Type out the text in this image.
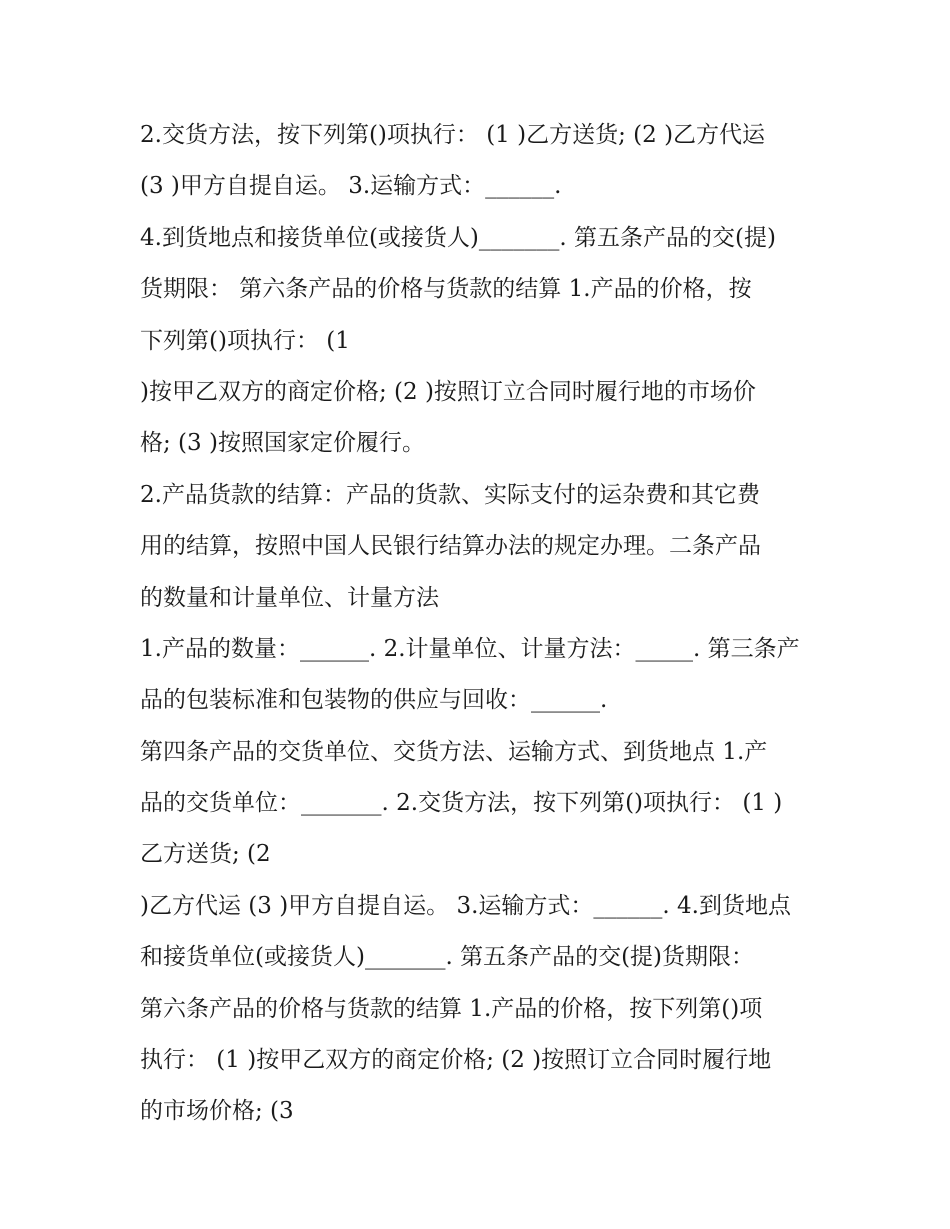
2.交货方法，按下列第()项执行： (1 )乙方送货; (2 )乙方代运
(3 )甲方自提自运。 3.运输方式：______.
4.到货地点和接货单位(或接货人)_______. 第五条产品的交(提)
货期限： 第六条产品的价格与货款的结算 1.产品的价格，按
下列第()项执行： (1
)按甲乙双方的商定价格; (2 )按照订立合同时履行地的市场价
格; (3 )按照国家定价履行。
2.产品货款的结算：产品的货款、实际支付的运杂费和其它费
用的结算，按照中国人民银行结算办法的规定办理。二条产品
的数量和计量单位、计量方法
1.产品的数量：______. 2.计量单位、计量方法：_____. 第三条产
品的包装标准和包装物的供应与回收：______.
第四条产品的交货单位、交货方法、运输方式、到货地点 1.产
品的交货单位：_______. 2.交货方法，按下列第()项执行： (1 )
乙方送货; (2
)乙方代运 (3 )甲方自提自运。 3.运输方式：______. 4.到货地点
和接货单位(或接货人)_______. 第五条产品的交(提)货期限：
第六条产品的价格与货款的结算 1.产品的价格，按下列第()项
执行： (1 )按甲乙双方的商定价格; (2 )按照订立合同时履行地
的市场价格; (3
